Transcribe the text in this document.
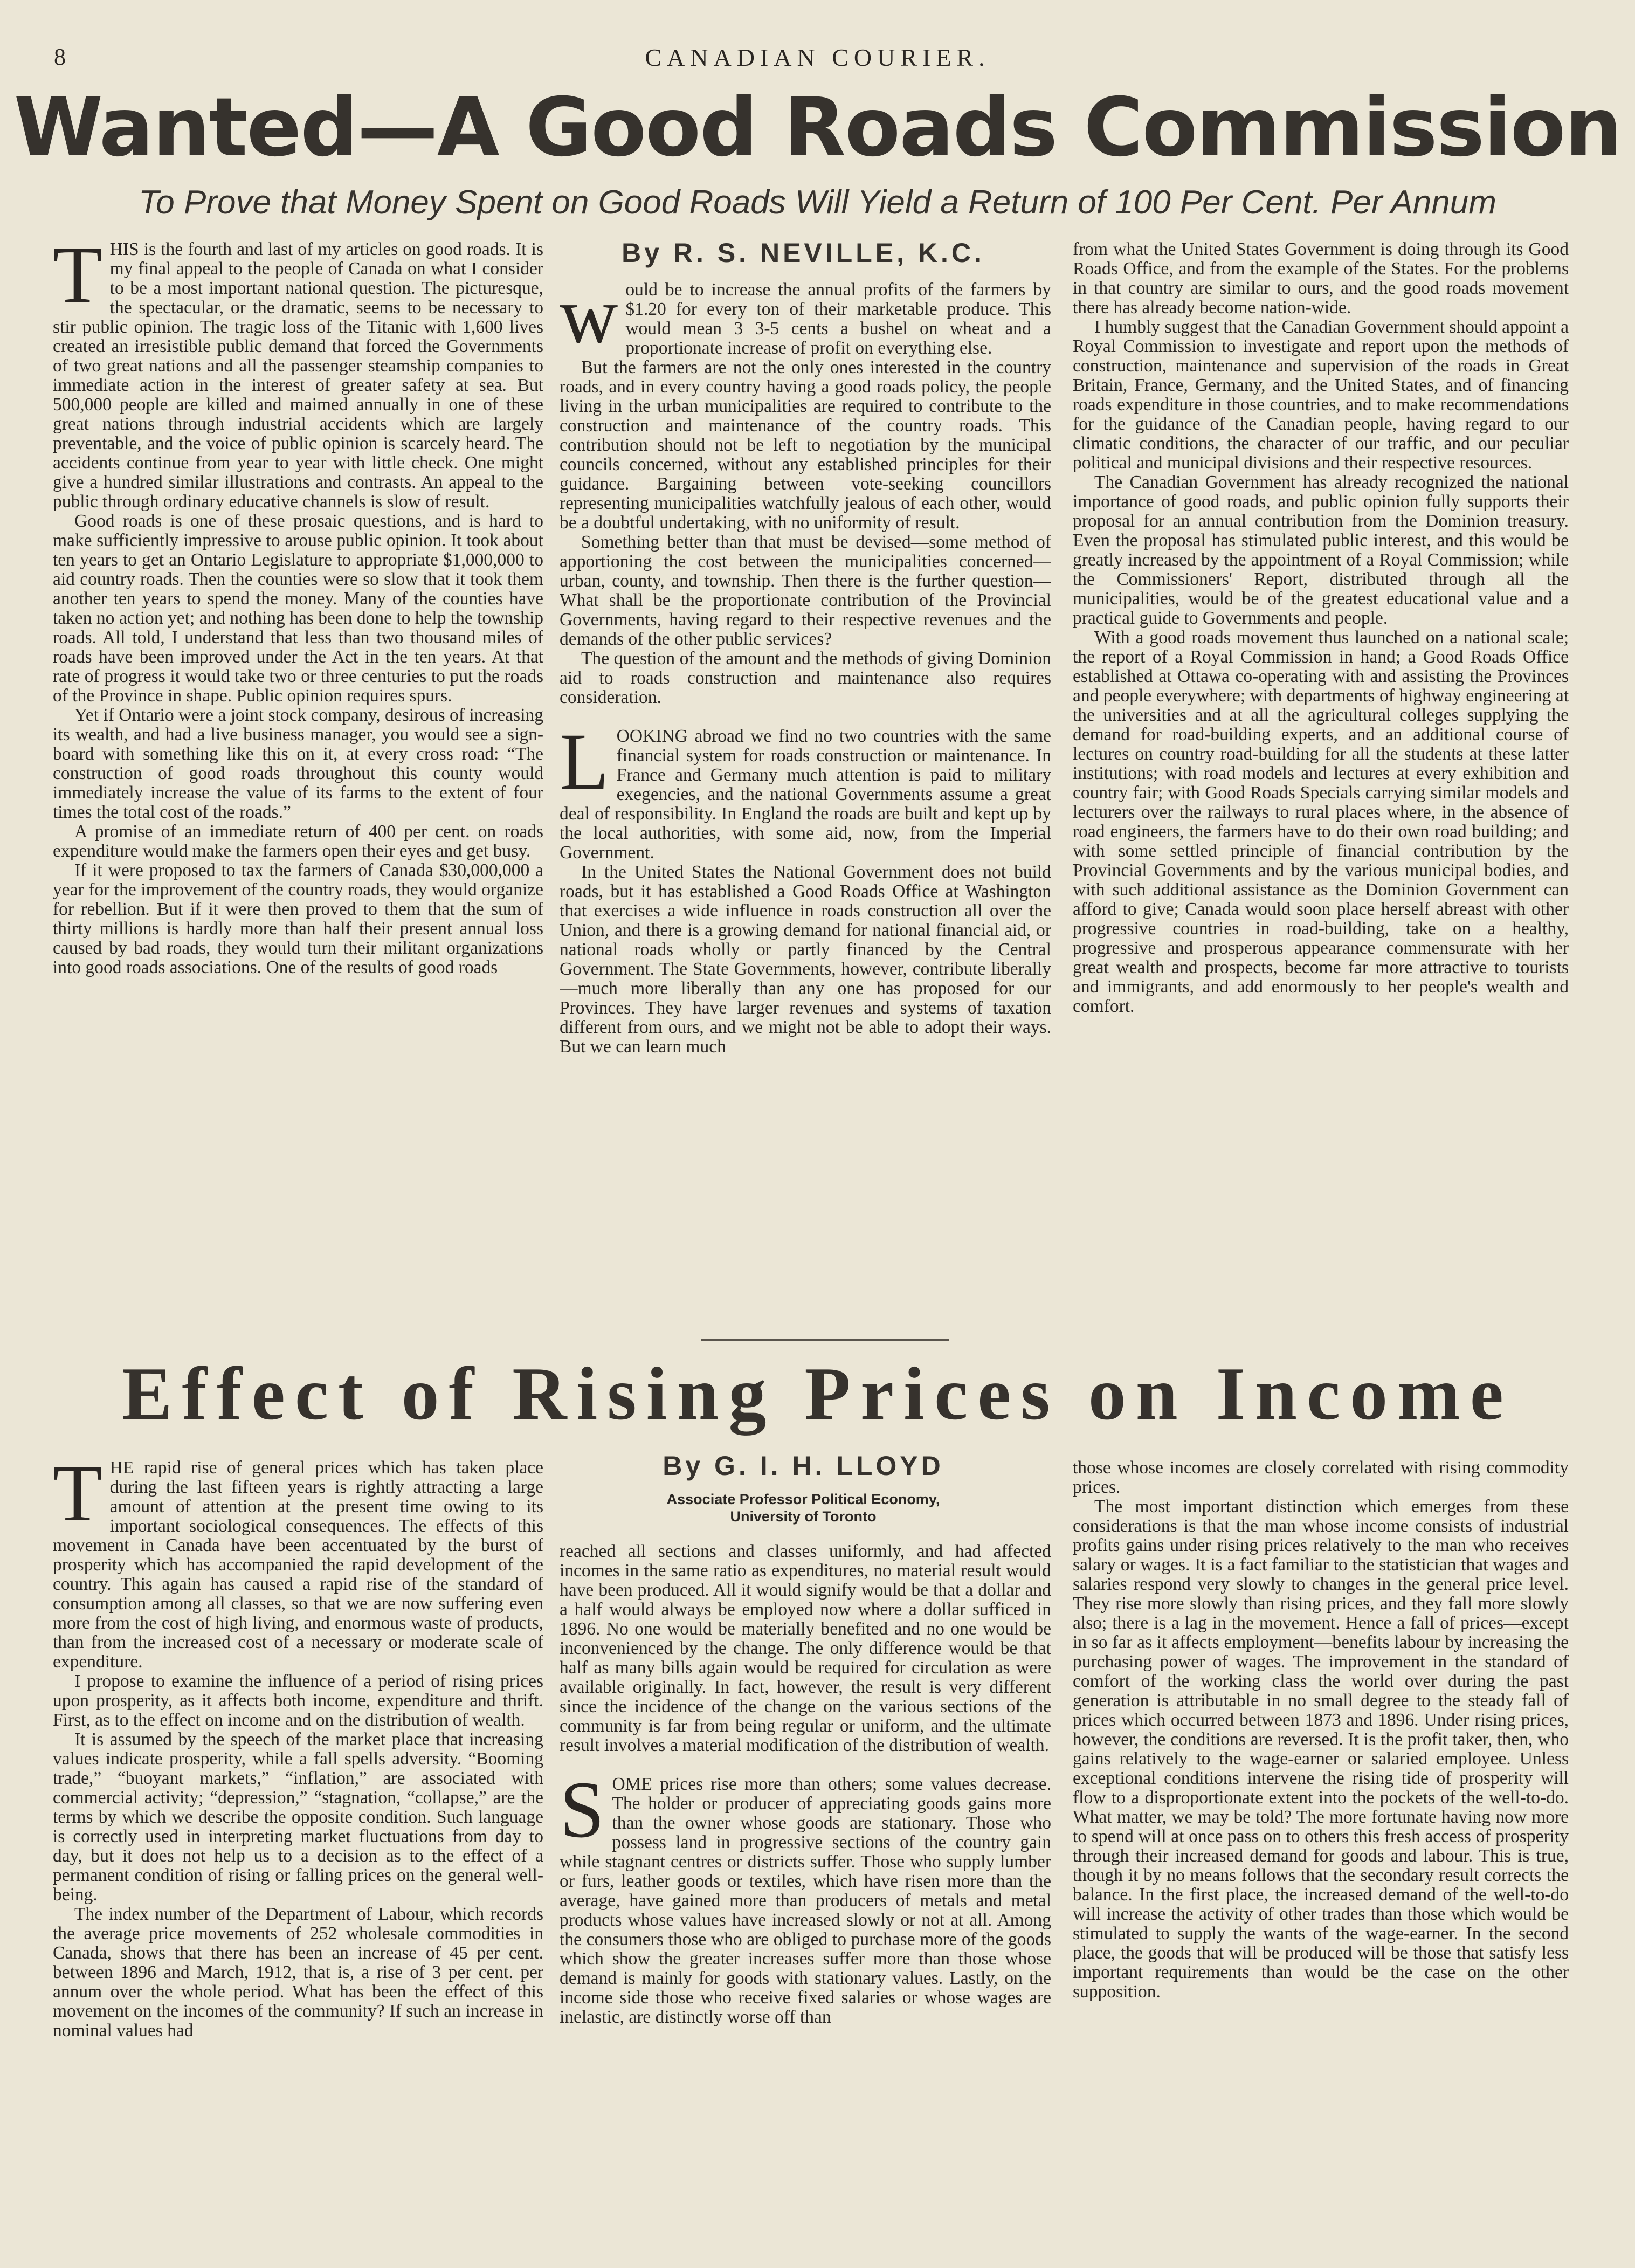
8	CANADIAN COURIER.
Wanted—A Good Roads Commission
To Prove that Money Spent on Good Roads Will Yield a Return of 100 Per Cent. Per Annum
By R. S. NEVILLE, K.C.

THIS is the fourth and last of my articles on good roads. It is my final appeal to the people of Canada on what I consider to be a most important national question. The picturesque, the spectacular, or the dramatic, seems to be necessary to stir public opinion. The tragic loss of the Titanic with 1,600 lives created an irresistible public demand that forced the Governments of two great nations and all the passenger steamship companies to immediate action in the interest of greater safety at sea. But 500,000 people are killed and maimed annually in one of these great nations through industrial accidents which are largely preventable, and the voice of public opinion is scarcely heard. The accidents continue from year to year with little check. One might give a hundred similar illustrations and contrasts. An appeal to the public through ordinary educative channels is slow of result.

Good roads is one of these prosaic questions, and is hard to make sufficiently impressive to arouse public opinion. It took about ten years to get an Ontario Legislature to appropriate $1,000,000 to aid country roads. Then the counties were so slow that it took them another ten years to spend the money. Many of the counties have taken no action yet; and nothing has been done to help the township roads. All told, I understand that less than two thousand miles of roads have been improved under the Act in the ten years. At that rate of progress it would take two or three centuries to put the roads of the Province in shape. Public opinion requires spurs.

Yet if Ontario were a joint stock company, desirous of increasing its wealth, and had a live business manager, you would see a sign-board with something like this on it, at every cross road: “The construction of good roads throughout this county would immediately increase the value of its farms to the extent of four times the total cost of the roads.”

A promise of an immediate return of 400 per cent. on roads expenditure would make the farmers open their eyes and get busy.

If it were proposed to tax the farmers of Canada $30,000,000 a year for the improvement of the country roads, they would organize for rebellion. But if it were then proved to them that the sum of thirty millions is hardly more than half their present annual loss caused by bad roads, they would turn their militant organizations into good roads associations. One of the results of good roads

would be to increase the annual profits of the farmers by $1.20 for every ton of their marketable produce. This would mean 3 3-5 cents a bushel on wheat and a proportionate increase of profit on everything else.

But the farmers are not the only ones interested in the country roads, and in every country having a good roads policy, the people living in the urban municipalities are required to contribute to the construction and maintenance of the country roads. This contribution should not be left to negotiation by the municipal councils concerned, without any established principles for their guidance. Bargaining between vote-seeking councillors representing municipalities watchfully jealous of each other, would be a doubtful undertaking, with no uniformity of result.

Something better than that must be devised—some method of apportioning the cost between the municipalities concerned—urban, county, and township. Then there is the further question—What shall be the proportionate contribution of the Provincial Governments, having regard to their respective revenues and the demands of the other public services?

The question of the amount and the methods of giving Dominion aid to roads construction and maintenance also requires consideration.

LOOKING abroad we find no two countries with the same financial system for roads construction or maintenance. In France and Germany much attention is paid to military exegencies, and the national Governments assume a great deal of responsibility. In England the roads are built and kept up by the local authorities, with some aid, now, from the Imperial Government.

In the United States the National Government does not build roads, but it has established a Good Roads Office at Washington that exercises a wide influence in roads construction all over the Union, and there is a growing demand for national financial aid, or national roads wholly or partly financed by the Central Government. The State Governments, however, contribute liberally—much more liberally than any one has proposed for our Provinces. They have larger revenues and systems of taxation different from ours, and we might not be able to adopt their ways. But we can learn much

from what the United States Government is doing through its Good Roads Office, and from the example of the States. For the problems in that country are similar to ours, and the good roads movement there has already become nation-wide.

I humbly suggest that the Canadian Government should appoint a Royal Commission to investigate and report upon the methods of construction, maintenance and supervision of the roads in Great Britain, France, Germany, and the United States, and of financing roads expenditure in those countries, and to make recommendations for the guidance of the Canadian people, having regard to our climatic conditions, the character of our traffic, and our peculiar political and municipal divisions and their respective resources.

The Canadian Government has already recognized the national importance of good roads, and public opinion fully supports their proposal for an annual contribution from the Dominion treasury. Even the proposal has stimulated public interest, and this would be greatly increased by the appointment of a Royal Commission; while the Commissioners' Report, distributed through all the municipalities, would be of the greatest educational value and a practical guide to Governments and people.

With a good roads movement thus launched on a national scale; the report of a Royal Commission in hand; a Good Roads Office established at Ottawa co-operating with and assisting the Provinces and people everywhere; with departments of highway engineering at the universities and at all the agricultural colleges supplying the demand for road-building experts, and an additional course of lectures on country road-building for all the students at these latter institutions; with road models and lectures at every exhibition and country fair; with Good Roads Specials carrying similar models and lecturers over the railways to rural places where, in the absence of road engineers, the farmers have to do their own road building; and with some settled principle of financial contribution by the Provincial Governments and by the various municipal bodies, and with such additional assistance as the Dominion Government can afford to give; Canada would soon place herself abreast with other progressive countries in road-building, take on a healthy, progressive and prosperous appearance commensurate with her great wealth and prospects, become far more attractive to tourists and immigrants, and add enormously to her people's wealth and comfort.

Effect of Rising Prices on Income
By G. I. H. LLOYD
Associate Professor Political Economy,
University of Toronto

THE rapid rise of general prices which has taken place during the last fifteen years is rightly attracting a large amount of attention at the present time owing to its important sociological consequences. The effects of this movement in Canada have been accentuated by the burst of prosperity which has accompanied the rapid development of the country. This again has caused a rapid rise of the standard of consumption among all classes, so that we are now suffering even more from the cost of high living, and enormous waste of products, than from the increased cost of a necessary or moderate scale of expenditure.

I propose to examine the influence of a period of rising prices upon prosperity, as it affects both income, expenditure and thrift. First, as to the effect on income and on the distribution of wealth.

It is assumed by the speech of the market place that increasing values indicate prosperity, while a fall spells adversity. “Booming trade,” “buoyant markets,” “inflation,” are associated with commercial activity; “depression,” “stagnation, “collapse,” are the terms by which we describe the opposite condition. Such language is correctly used in interpreting market fluctuations from day to day, but it does not help us to a decision as to the effect of a permanent condition of rising or falling prices on the general well-being.

The index number of the Department of Labour, which records the average price movements of 252 wholesale commodities in Canada, shows that there has been an increase of 45 per cent. between 1896 and March, 1912, that is, a rise of 3 per cent. per annum over the whole period. What has been the effect of this movement on the incomes of the community? If such an increase in nominal values had

reached all sections and classes uniformly, and had affected incomes in the same ratio as expenditures, no material result would have been produced. All it would signify would be that a dollar and a half would always be employed now where a dollar sufficed in 1896. No one would be materially benefited and no one would be inconvenienced by the change. The only difference would be that half as many bills again would be required for circulation as were available originally. In fact, however, the result is very different since the incidence of the change on the various sections of the community is far from being regular or uniform, and the ultimate result involves a material modification of the distribution of wealth.

SOME prices rise more than others; some values decrease. The holder or producer of appreciating goods gains more than the owner whose goods are stationary. Those who possess land in progressive sections of the country gain while stagnant centres or districts suffer. Those who supply lumber or furs, leather goods or textiles, which have risen more than the average, have gained more than producers of metals and metal products whose values have increased slowly or not at all. Among the consumers those who are obliged to purchase more of the goods which show the greater increases suffer more than those whose demand is mainly for goods with stationary values. Lastly, on the income side those who receive fixed salaries or whose wages are inelastic, are distinctly worse off than

those whose incomes are closely correlated with rising commodity prices.

The most important distinction which emerges from these considerations is that the man whose income consists of industrial profits gains under rising prices relatively to the man who receives salary or wages. It is a fact familiar to the statistician that wages and salaries respond very slowly to changes in the general price level. They rise more slowly than rising prices, and they fall more slowly also; there is a lag in the movement. Hence a fall of prices—except in so far as it affects employment—benefits labour by increasing the purchasing power of wages. The improvement in the standard of comfort of the working class the world over during the past generation is attributable in no small degree to the steady fall of prices which occurred between 1873 and 1896. Under rising prices, however, the conditions are reversed. It is the profit taker, then, who gains relatively to the wage-earner or salaried employee. Unless exceptional conditions intervene the rising tide of prosperity will flow to a disproportionate extent into the pockets of the well-to-do. What matter, we may be told? The more fortunate having now more to spend will at once pass on to others this fresh access of prosperity through their increased demand for goods and labour. This is true, though it by no means follows that the secondary result corrects the balance. In the first place, the increased demand of the well-to-do will increase the activity of other trades than those which would be stimulated to supply the wants of the wage-earner. In the second place, the goods that will be produced will be those that satisfy less important requirements than would be the case on the other supposition.
